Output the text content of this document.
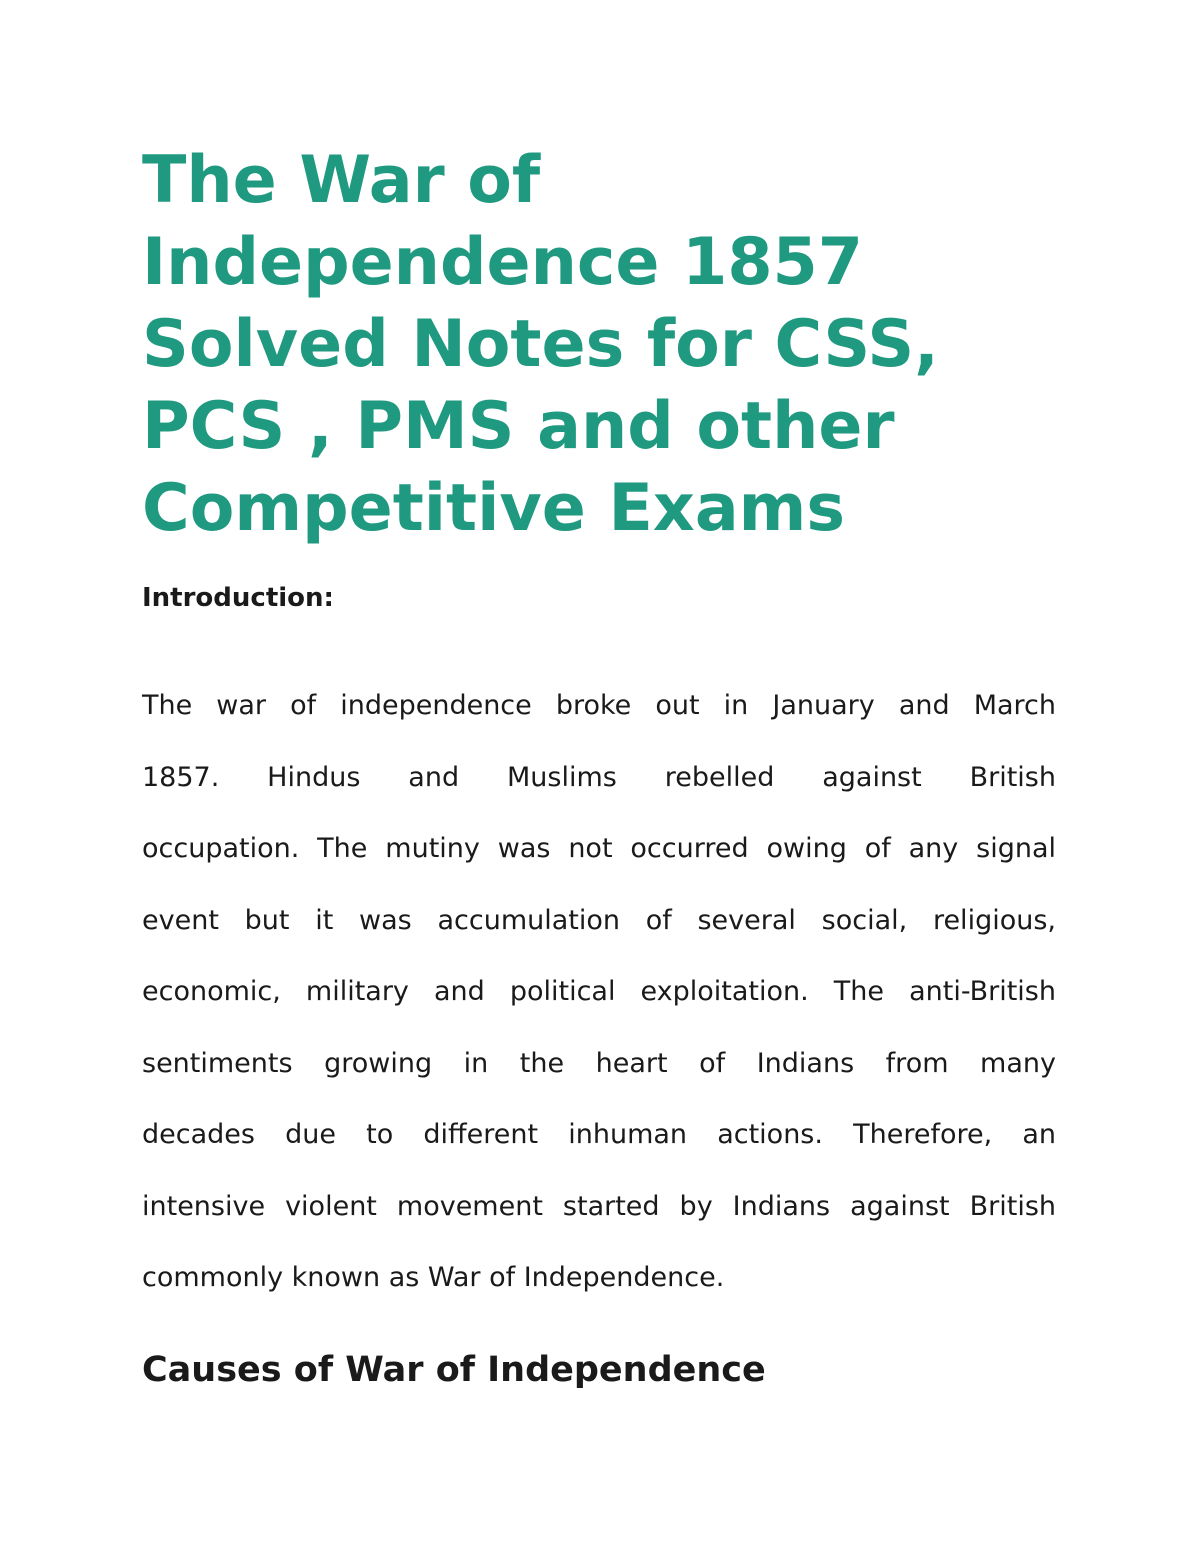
The War of
Independence 1857
Solved Notes for CSS,
PCS , PMS and other
Competitive Exams
Introduction:

The war of independence broke out in January and March
1857. Hindus and Muslims rebelled against British
occupation. The mutiny was not occurred owing of any signal
event but it was accumulation of several social, religious,
economic, military and political exploitation. The anti-British
sentiments growing in the heart of Indians from many
decades due to different inhuman actions. Therefore, an
intensive violent movement started by Indians against British
commonly known as War of Independence.

Causes of War of Independence
